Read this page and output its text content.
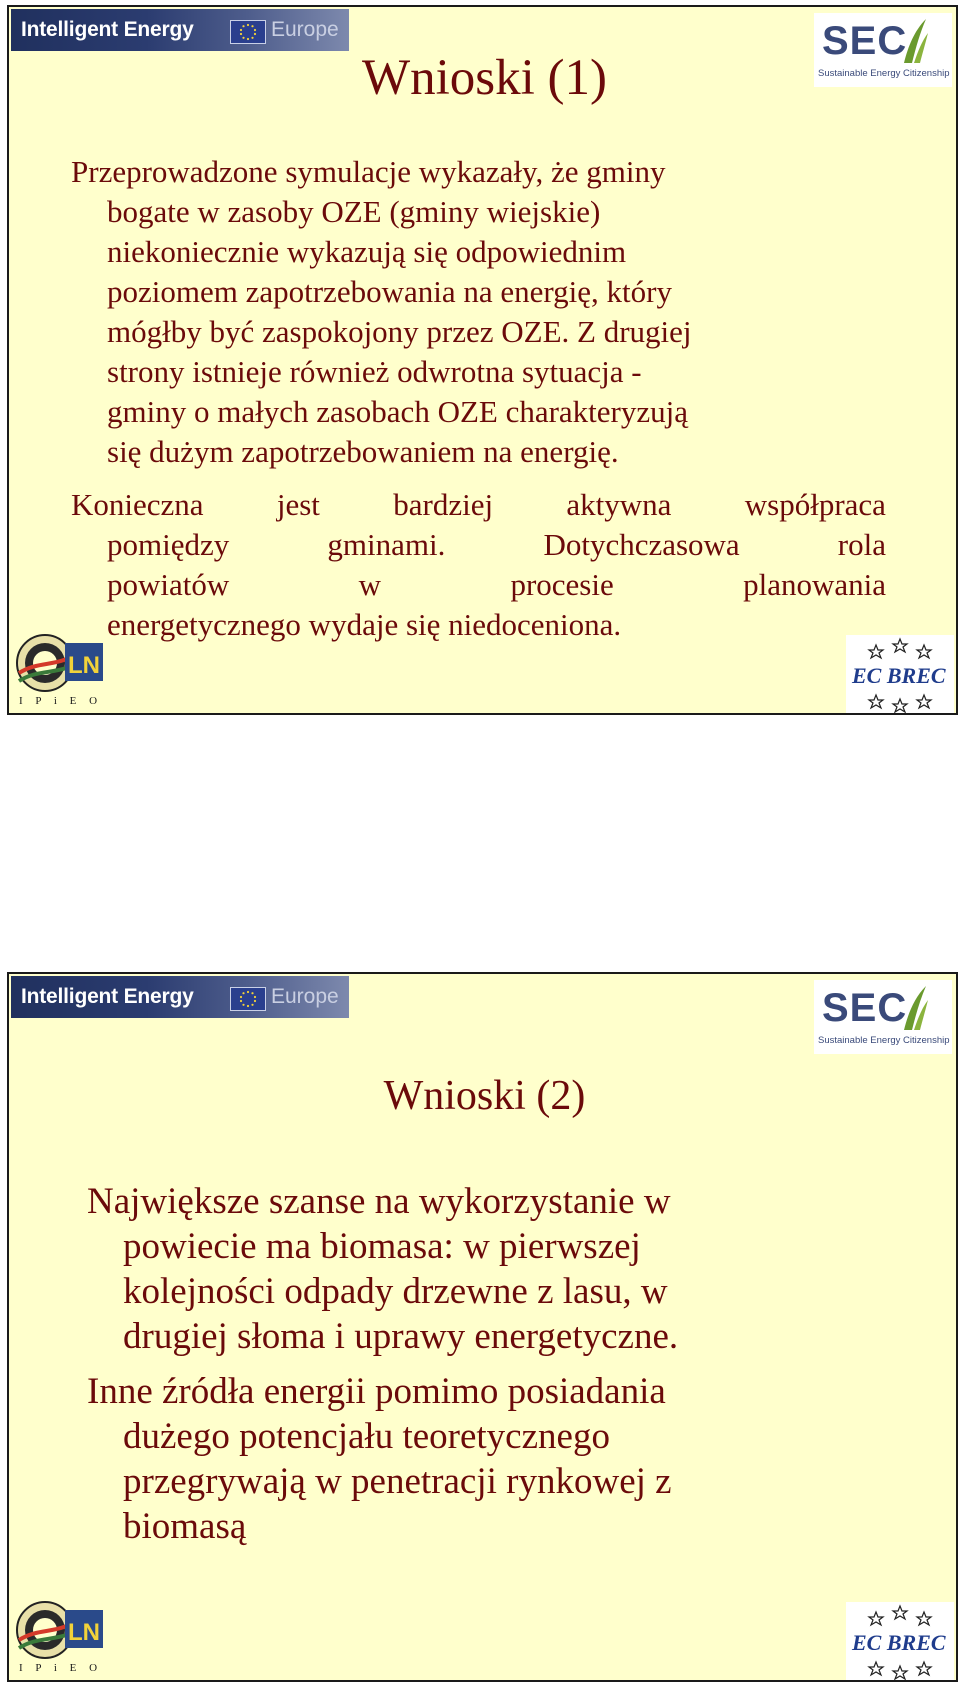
Intelligent Energy	Europe	SEC
Sustainable Energy Citizenship
Wnioski (1)
Przeprowadzone symulacje wykazały, że gminy
bogate w zasoby OZE (gminy wiejskie)
niekoniecznie wykazują się odpowiednim
poziomem zapotrzebowania na energię, który
mógłby być zaspokojony przez OZE. Z drugiej
strony istnieje również odwrotna sytuacja -
gminy o małych zasobach OZE charakteryzują
się dużym zapotrzebowaniem na energię.
Konieczna jest bardziej aktywna współpraca
pomiędzy	gminami.	Dotychczasowa	rola
powiatów	w	procesie	planowania
energetycznego wydaje się niedoceniona.
LN
I P i E O
EC BREC
Intelligent Energy	Europe	SEC
Sustainable Energy Citizenship
Wnioski (2)
Największe szanse na wykorzystanie w
powiecie ma biomasa: w pierwszej
kolejności odpady drzewne z lasu, w
drugiej słoma i uprawy energetyczne.
Inne źródła energii pomimo posiadania
dużego potencjału teoretycznego
przegrywają w penetracji rynkowej z
biomasą
LN
I P i E O
EC BREC
